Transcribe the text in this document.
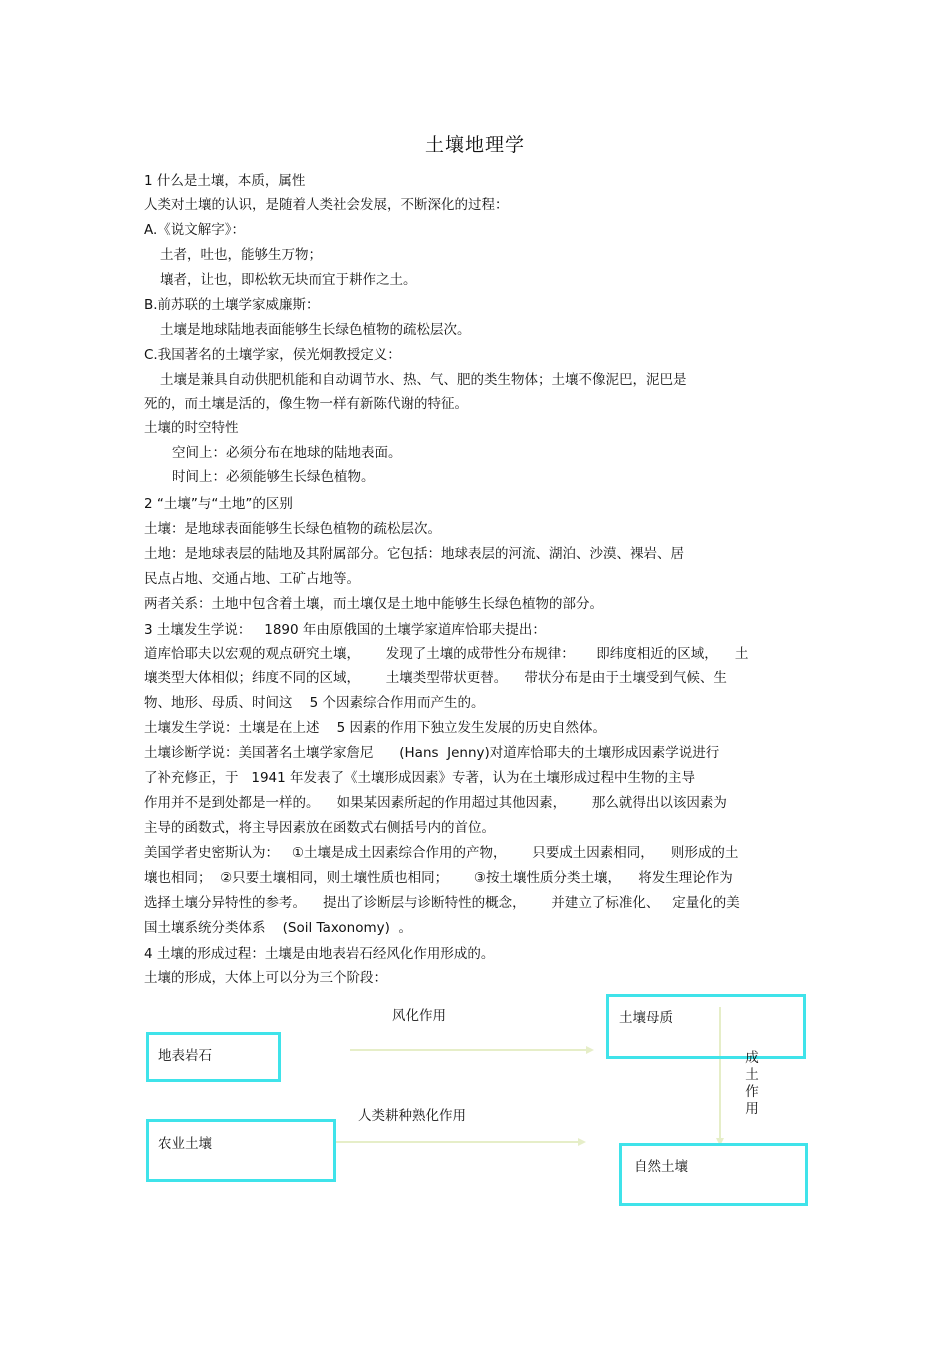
土壤地理学
1 什么是土壤，本质，属性
人类对土壤的认识，是随着人类社会发展，不断深化的过程：
A.《说文解字》：
土者，吐也，能够生万物；
壤者，让也，即松软无块而宜于耕作之土。
B.前苏联的土壤学家威廉斯：
土壤是地球陆地表面能够生长绿色植物的疏松层次。
C.我国著名的土壤学家，侯光炯教授定义：
土壤是兼具自动供肥机能和自动调节水、热、气、肥的类生物体；土壤不像泥巴，泥巴是
死的，而土壤是活的，像生物一样有新陈代谢的特征。
土壤的时空特性
空间上：必须分布在地球的陆地表面。
时间上：必须能够生长绿色植物。
2 “土壤”与“土地”的区别
土壤：是地球表面能够生长绿色植物的疏松层次。
土地：是地球表层的陆地及其附属部分。它包括：地球表层的河流、湖泊、沙漠、裸岩、居
民点占地、交通占地、工矿占地等。
两者关系：土地中包含着土壤，而土壤仅是土地中能够生长绿色植物的部分。
3 土壤发生学说：   1890 年由原俄国的土壤学家道库恰耶夫提出：
道库恰耶夫以宏观的观点研究土壤，      发现了土壤的成带性分布规律：     即纬度相近的区域，    土
壤类型大体相似；纬度不同的区域，      土壤类型带状更替。    带状分布是由于土壤受到气候、生
物、地形、母质、时间这    5 个因素综合作用而产生的。
土壤发生学说：土壤是在上述    5 因素的作用下独立发生发展的历史自然体。
土壤诊断学说：美国著名土壤学家詹尼      (Hans  Jenny)对道库恰耶夫的土壤形成因素学说进行
了补充修正，于   1941 年发表了《土壤形成因素》专著，认为在土壤形成过程中生物的主导
作用并不是到处都是一样的。    如果某因素所起的作用超过其他因素，      那么就得出以该因素为
主导的函数式，将主导因素放在函数式右侧括号内的首位。
美国学者史密斯认为：   ①土壤是成土因素综合作用的产物，      只要成土因素相同，    则形成的土
壤也相同；  ②只要土壤相同，则土壤性质也相同；      ③按土壤性质分类土壤，    将发生理论作为
选择土壤分异特性的参考。    提出了诊断层与诊断特性的概念，      并建立了标准化、   定量化的美
国土壤系统分类体系    (Soil Taxonomy)  。
4 土壤的形成过程：土壤是由地表岩石经风化作用形成的。
土壤的形成，大体上可以分为三个阶段：
地表岩石
土壤母质
农业土壤
自然土壤
风化作用
人类耕种熟化作用
成
土
作
用
